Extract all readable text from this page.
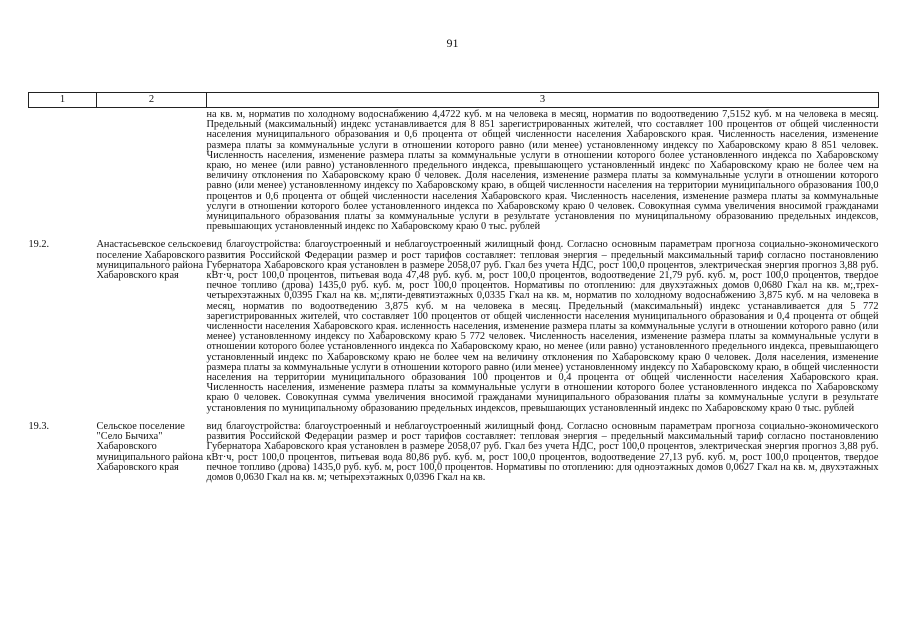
91
1	2	3
		на кв. м, норматив по холодному водоснабжению 4,4722 куб. м на человека в месяц, норматив по водоотведению 7,5152 куб. м на человека в месяц. Предельный (максимальный) индекс устанавливается для 8 851 зарегистрированных жителей, что составляет 100 процентов от общей численности населения муниципального образования и 0,6 процента от общей численности населения Хабаровского края. Численность населения, изменение размера платы за коммунальные услуги в отношении которого равно (или менее) установленному индексу по Хабаровскому краю 8 851 человек. Численность населения, изменение размера платы за коммунальные услуги в отношении которого более установленного индекса по Хабаровскому краю, но менее (или равно) установленного предельного индекса, превышающего установленный индекс по Хабаровскому краю не более чем на величину отклонения по Хабаровскому краю 0 человек. Доля населения, изменение размера платы за коммунальные услуги в отношении которого равно (или менее) установленному индексу по Хабаровскому краю, в общей численности населения на территории муниципального образования 100,0 процентов и 0,6 процента от общей численности населения Хабаровского края. Численность населения, изменение размера платы за коммунальные услуги в отношении которого более установленного индекса по Хабаровскому краю 0 человек. Совокупная сумма увеличения вносимой гражданами муниципального образования платы за коммунальные услуги в результате установления по муниципальному образованию предельных индексов, превышающих установленный индекс по Хабаровскому краю 0 тыс. рублей
19.2.	Анастасьевское сельское поселение Хабаровского муниципального района Хабаровского края	вид благоустройства: благоустроенный и неблагоустроенный жилищный фонд. Согласно основным параметрам прогноза социально-экономического развития Российской Федерации размер и рост тарифов составляет: тепловая энергия – предельный максимальный тариф согласно постановлению Губернатора Хабаровского края установлен в размере 2058,07 руб. Гкал без учета НДС, рост 100,0 процентов, электрическая энергия прогноз 3,88 руб. кВт·ч, рост 100,0 процентов, питьевая вода 47,48 руб. куб. м, рост 100,0 процентов, водоотведение 21,79 руб. куб. м, рост 100,0 процентов, твердое печное топливо (дрова) 1435,0 руб. куб. м, рост 100,0 процентов. Нормативы по отоплению: для двухэтажных домов 0,0680 Гкал на кв. м;,трех-четырехэтажных 0,0395 Гкал на кв. м;,пяти-девятиэтажных 0,0335 Гкал на кв. м, норматив по холодному водоснабжению 3,875 куб. м на человека в месяц, норматив по водоотведению 3,875 куб. м на человека в месяц. Предельный (максимальный) индекс устанавливается для 5 772 зарегистрированных жителей, что составляет 100 процентов от общей численности населения муниципального образования и 0,4 процента от общей численности населения Хабаровского края. исленность населения, изменение размера платы за коммунальные услуги в отношении которого равно (или менее) установленному индексу по Хабаровскому краю 5 772 человек. Численность населения, изменение размера платы за коммунальные услуги в отношении которого более установленного индекса по Хабаровскому краю, но менее (или равно) установленного предельного индекса, превышающего установленный индекс по Хабаровскому краю не более чем на величину отклонения по Хабаровскому краю 0 человек. Доля населения, изменение размера платы за коммунальные услуги в отношении которого равно (или менее) установленному индексу по Хабаровскому краю, в общей численности населения на территории муниципального образования 100 процентов и 0,4 процента от общей численности населения Хабаровского края. Численность населения, изменение размера платы за коммунальные услуги в отношении которого более установленного индекса по Хабаровскому краю 0 человек. Совокупная сумма увеличения вносимой гражданами муниципального образования платы за коммунальные услуги в результате установления по муниципальному образованию предельных индексов, превышающих установленный индекс по Хабаровскому краю 0 тыс. рублей
19.3.	Сельское поселение "Село Бычиха" Хабаровского муниципального района Хабаровского края	вид благоустройства: благоустроенный и неблагоустроенный жилищный фонд. Согласно основным параметрам прогноза социально-экономического развития Российской Федерации размер и рост тарифов составляет: тепловая энергия – предельный максимальный тариф согласно постановлению Губернатора Хабаровского края установлен в размере 2058,07 руб. Гкал без учета НДС, рост 100,0 процентов, электрическая энергия прогноз 3,88 руб. кВт·ч, рост 100,0 процентов, питьевая вода 80,86 руб. куб. м, рост 100,0 процентов, водоотведение 27,13 руб. куб. м, рост 100,0 процентов, твердое печное топливо (дрова) 1435,0 руб. куб. м, рост 100,0 процентов. Нормативы по отоплению: для одноэтажных домов 0,0627 Гкал на кв. м, двухэтажных домов 0,0630 Гкал на кв. м; четырехэтажных 0,0396 Гкал на кв.
